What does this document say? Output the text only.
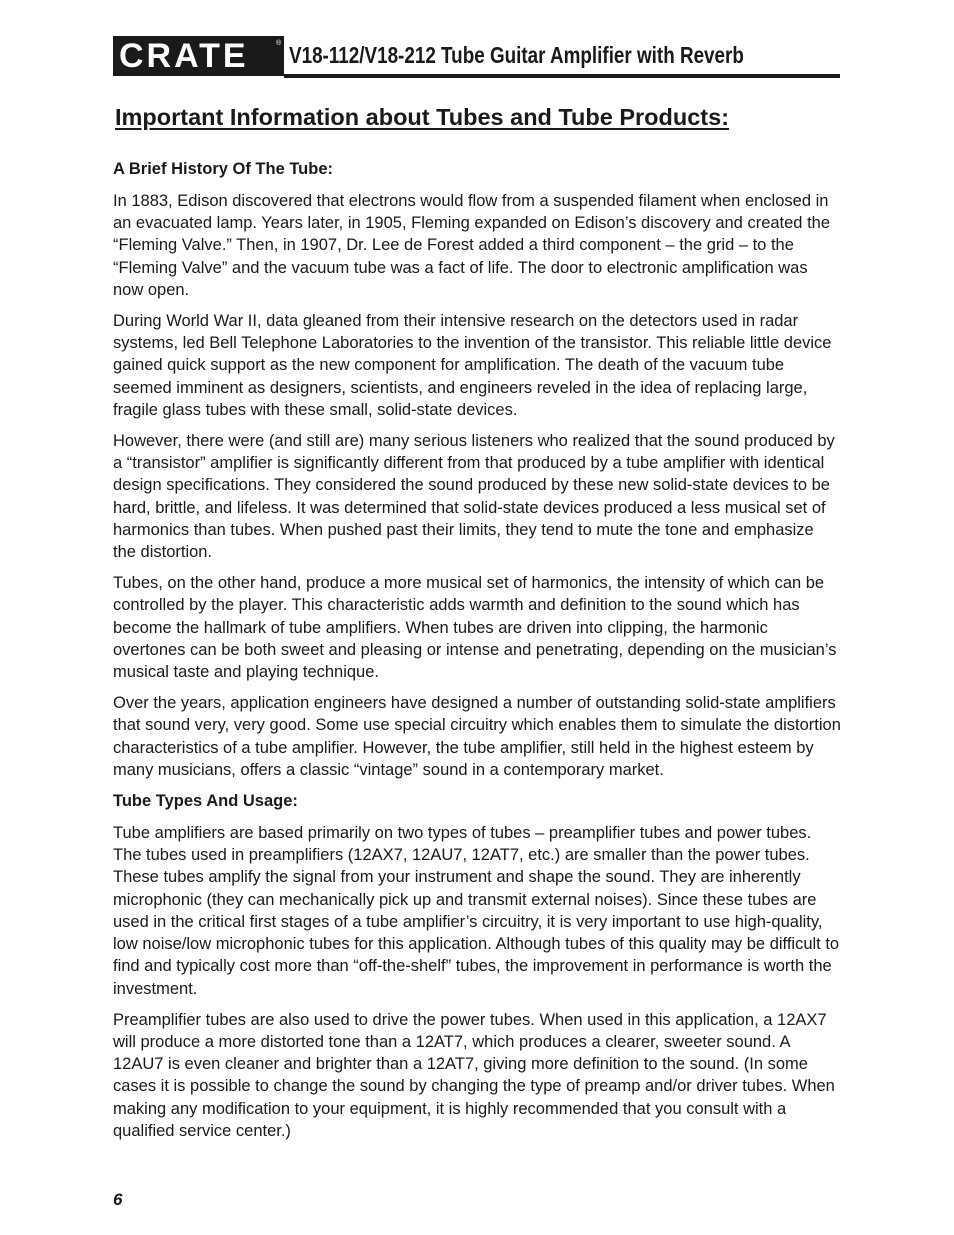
CRATE	® V18-112/V18-212 Tube Guitar Amplifier with Reverb
Important Information about Tubes and Tube Products:
A Brief History Of The Tube:

In 1883, Edison discovered that electrons would flow from a suspended filament when enclosed in an evacuated lamp. Years later, in 1905, Fleming expanded on Edison’s discovery and created the “Fleming Valve.” Then, in 1907, Dr. Lee de Forest added a third component – the grid – to the “Fleming Valve” and the vacuum tube was a fact of life. The door to electronic amplification was now open.

During World War II, data gleaned from their intensive research on the detectors used in radar systems, led Bell Telephone Laboratories to the invention of the transistor. This reliable little device gained quick support as the new component for amplification. The death of the vacuum tube seemed imminent as designers, scientists, and engineers reveled in the idea of replacing large, fragile glass tubes with these small, solid-state devices.

However, there were (and still are) many serious listeners who realized that the sound produced by a “transistor” amplifier is significantly different from that produced by a tube amplifier with identical design specifications. They considered the sound produced by these new solid-state devices to be hard, brittle, and lifeless. It was determined that solid-state devices produced a less musical set of harmonics than tubes. When pushed past their limits, they tend to mute the tone and emphasize the distortion.

Tubes, on the other hand, produce a more musical set of harmonics, the intensity of which can be controlled by the player. This characteristic adds warmth and definition to the sound which has become the hallmark of tube amplifiers. When tubes are driven into clipping, the harmonic overtones can be both sweet and pleasing or intense and penetrating, depending on the musician’s musical taste and playing technique.

Over the years, application engineers have designed a number of outstanding solid-state amplifiers that sound very, very good. Some use special circuitry which enables them to simulate the distortion characteristics of a tube amplifier. However, the tube amplifier, still held in the highest esteem by many musicians, offers a classic “vintage” sound in a contemporary market.

Tube Types And Usage:

Tube amplifiers are based primarily on two types of tubes – preamplifier tubes and power tubes. The tubes used in preamplifiers (12AX7, 12AU7, 12AT7, etc.) are smaller than the power tubes. These tubes amplify the signal from your instrument and shape the sound. They are inherently microphonic (they can mechanically pick up and transmit external noises). Since these tubes are used in the critical first stages of a tube amplifier’s circuitry, it is very important to use high-quality, low noise/low microphonic tubes for this application. Although tubes of this quality may be difficult to find and typically cost more than “off-the-shelf” tubes, the improvement in performance is worth the investment.

Preamplifier tubes are also used to drive the power tubes. When used in this application, a 12AX7 will produce a more distorted tone than a 12AT7, which produces a clearer, sweeter sound. A 12AU7 is even cleaner and brighter than a 12AT7, giving more definition to the sound. (In some cases it is possible to change the sound by changing the type of preamp and/or driver tubes. When making any modification to your equipment, it is highly recommended that you consult with a qualified service center.)

6
